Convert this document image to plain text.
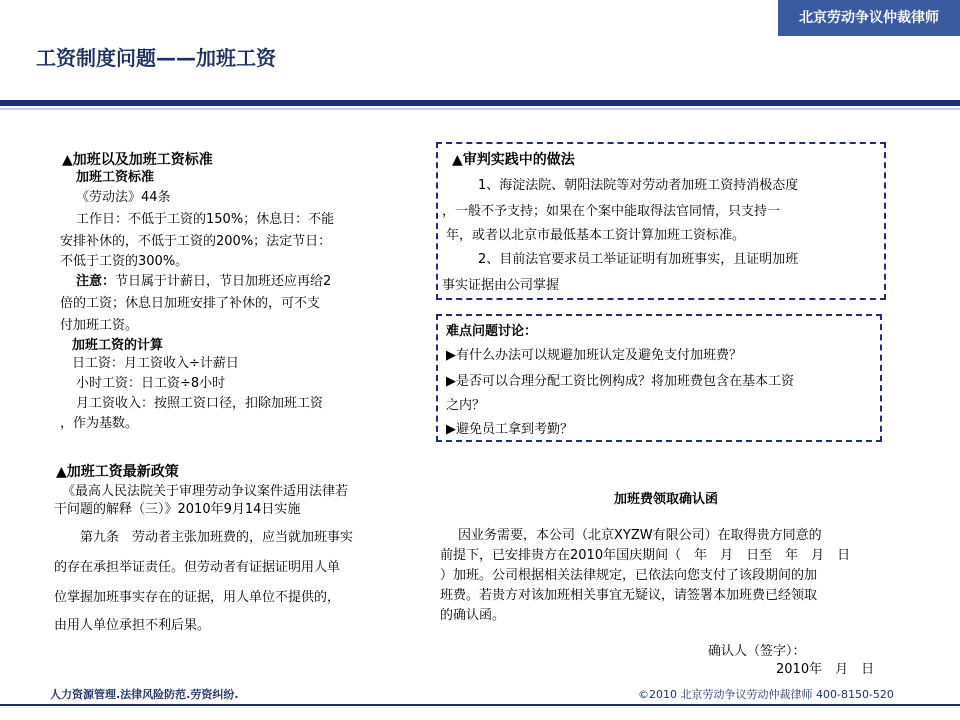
北京劳动争议仲裁律师
工资制度问题——加班工资

▲加班以及加班工资标准

加班工资标准

《劳动法》44条

工作日：不低于工资的150%；休息日：不能

安排补休的，不低于工资的200%；法定节日：

不低于工资的300%。

注意：节日属于计薪日，节日加班还应再给2

倍的工资；休息日加班安排了补休的，可不支

付加班工资。

加班工资的计算

日工资：月工资收入÷计薪日

小时工资：日工资÷8小时

月工资收入：按照工资口径，扣除加班工资

，作为基数。

▲加班工资最新政策

《最高人民法院关于审理劳动争议案件适用法律若

干问题的解释（三）》2010年9月14日实施

第九条　劳动者主张加班费的，应当就加班事实

的存在承担举证责任。但劳动者有证据证明用人单

位掌握加班事实存在的证据，用人单位不提供的，

由用人单位承担不利后果。

▲审判实践中的做法

1、海淀法院、朝阳法院等对劳动者加班工资持消极态度

，一般不予支持；如果在个案中能取得法官同情，只支持一

年，或者以北京市最低基本工资计算加班工资标准。

2、目前法官要求员工举证证明有加班事实，且证明加班

事实证据由公司掌握

难点问题讨论：

▶有什么办法可以规避加班认定及避免支付加班费？

▶是否可以合理分配工资比例构成？将加班费包含在基本工资

之内？

▶避免员工拿到考勤？

加班费领取确认函

因业务需要，本公司（北京XYZW有限公司）在取得贵方同意的

前提下，已安排贵方在2010年国庆期间（　年　月　日至　年　月　日

）加班。公司根据相关法律规定，已依法向您支付了该段期间的加

班费。若贵方对该加班相关事宜无疑议，请签署本加班费已经领取

的确认函。

确认人（签字）：

2010年　月　日

人力资源管理.法律风险防范.劳资纠纷.	©2010 北京劳动争议劳动仲裁律师 400-8150-520
